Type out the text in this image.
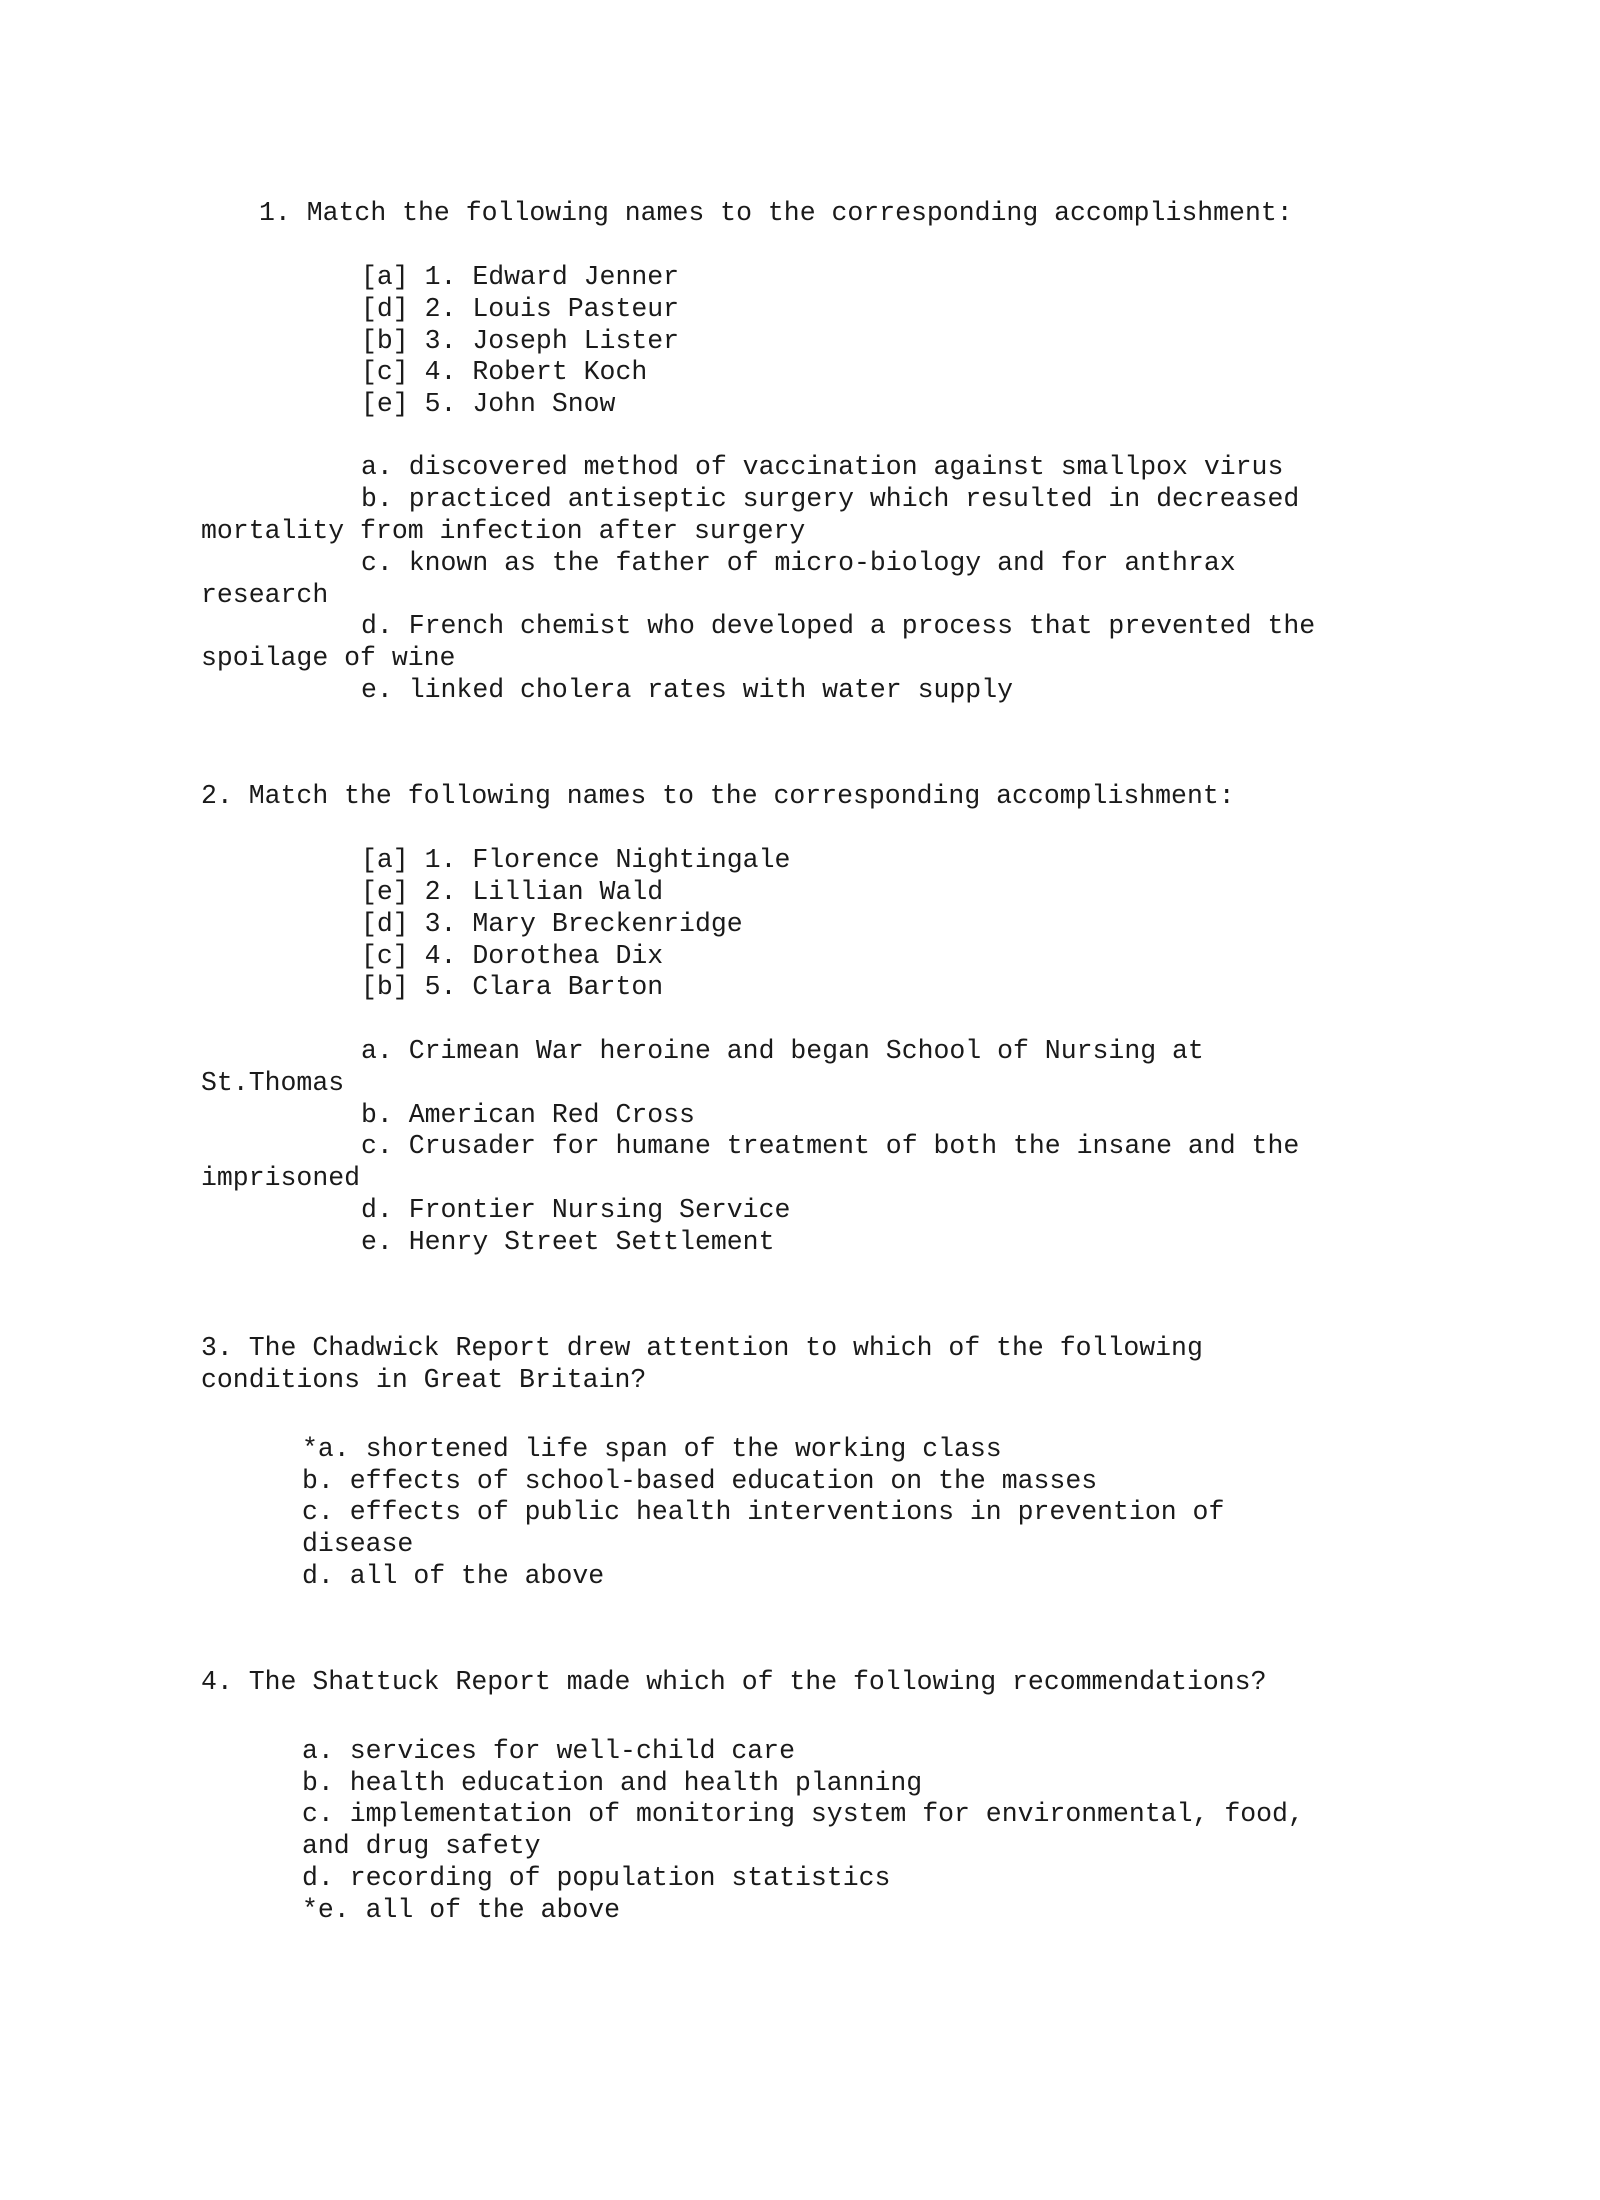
1. Match the following names to the corresponding accomplishment:
[a] 1. Edward Jenner
[d] 2. Louis Pasteur
[b] 3. Joseph Lister
[c] 4. Robert Koch
[e] 5. John Snow
a. discovered method of vaccination against smallpox virus
b. practiced antiseptic surgery which resulted in decreased
mortality from infection after surgery
c. known as the father of micro-biology and for anthrax
research
d. French chemist who developed a process that prevented the
spoilage of wine
e. linked cholera rates with water supply
2. Match the following names to the corresponding accomplishment:
[a] 1. Florence Nightingale
[e] 2. Lillian Wald
[d] 3. Mary Breckenridge
[c] 4. Dorothea Dix
[b] 5. Clara Barton
a. Crimean War heroine and began School of Nursing at
St.Thomas
b. American Red Cross
c. Crusader for humane treatment of both the insane and the
imprisoned
d. Frontier Nursing Service
e. Henry Street Settlement
3. The Chadwick Report drew attention to which of the following
conditions in Great Britain?
*a. shortened life span of the working class
b. effects of school-based education on the masses
c. effects of public health interventions in prevention of
disease
d. all of the above
4. The Shattuck Report made which of the following recommendations?
a. services for well-child care
b. health education and health planning
c. implementation of monitoring system for environmental, food,
and drug safety
d. recording of population statistics
*e. all of the above
